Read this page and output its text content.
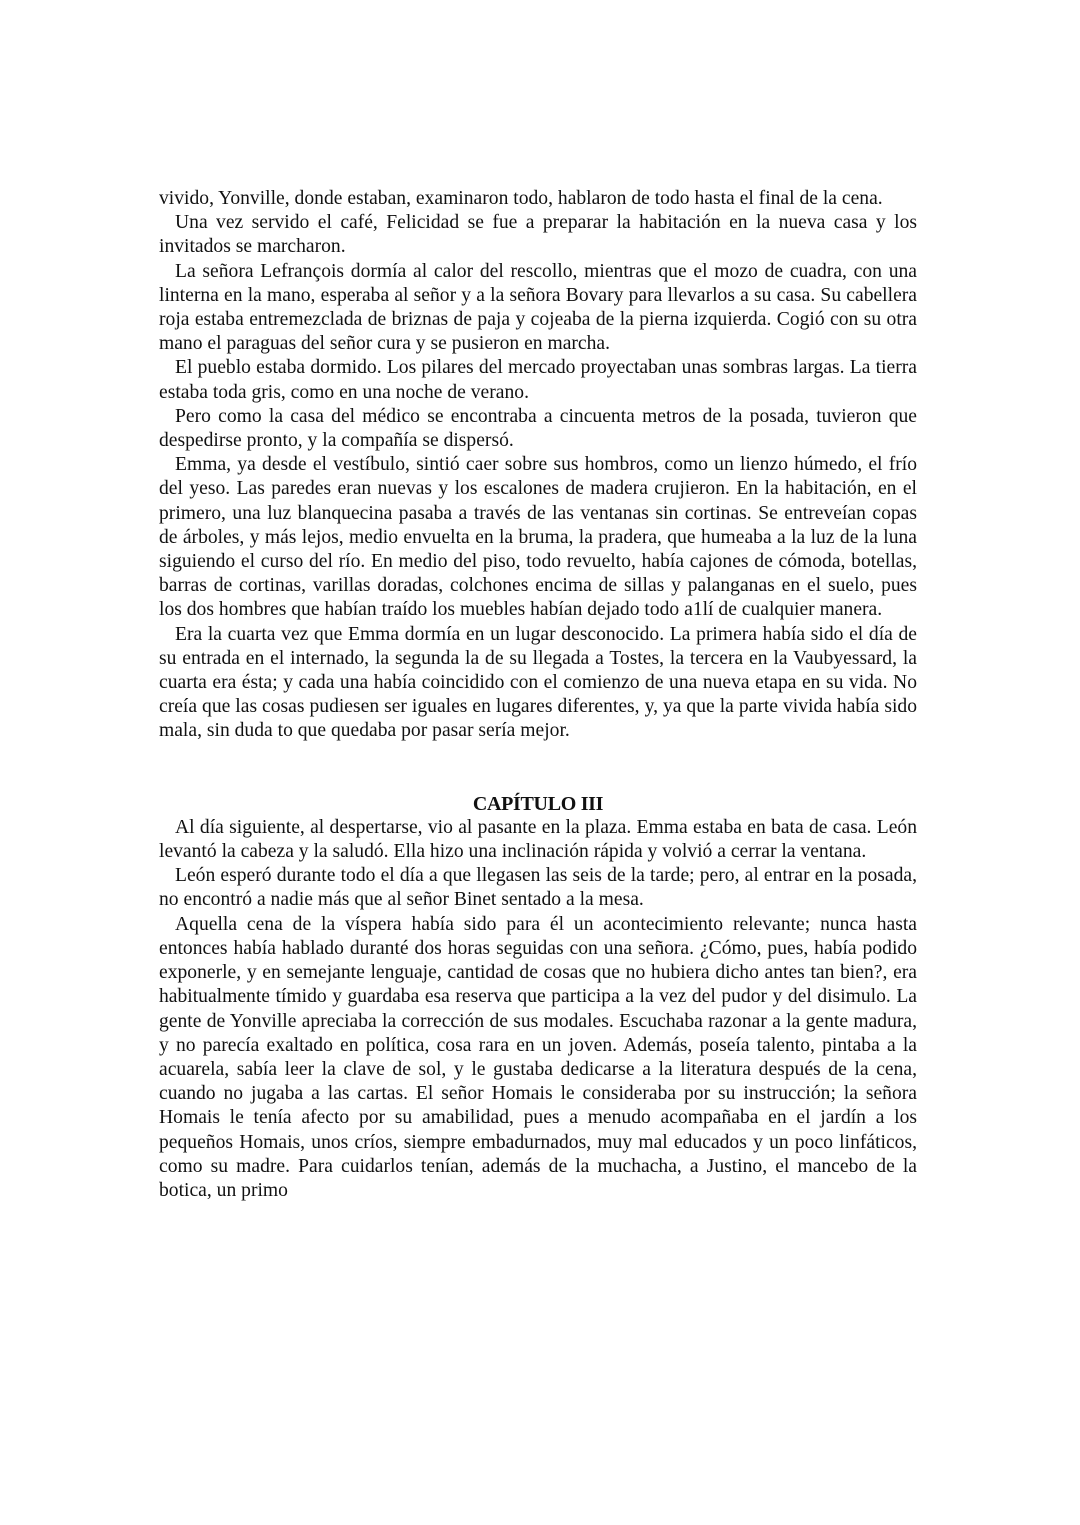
vivido, Yonville, donde estaban, examinaron todo, hablaron de todo hasta el final de la cena.

Una vez servido el café, Felicidad se fue a preparar la habitación en la nueva casa y los invitados se marcharon.

La señora Lefrançois dormía al calor del rescollo, mientras que el mozo de cuadra, con una linterna en la mano, esperaba al señor y a la señora Bovary para llevarlos a su casa. Su cabellera roja estaba entremezclada de briznas de paja y cojeaba de la pierna izquierda. Cogió con su otra mano el paraguas del señor cura y se pusieron en marcha.

El pueblo estaba dormido. Los pilares del mercado proyectaban unas sombras largas. La tierra estaba toda gris, como en una noche de verano.

Pero como la casa del médico se encontraba a cincuenta metros de la posada, tuvieron que despedirse pronto, y la compañía se dispersó.

Emma, ya desde el vestíbulo, sintió caer sobre sus hombros, como un lienzo húmedo, el frío del yeso. Las paredes eran nuevas y los escalones de madera crujieron. En la habitación, en el primero, una luz blanquecina pasaba a través de las ventanas sin cortinas. Se entreveían copas de árboles, y más lejos, medio envuelta en la bruma, la pradera, que humeaba a la luz de la luna siguiendo el curso del río. En medio del piso, todo revuelto, había cajones de cómoda, botellas, barras de cortinas, varillas doradas, colchones encima de sillas y palanganas en el suelo, pues los dos hombres que habían traído los muebles habían dejado todo a1lí de cualquier manera.

Era la cuarta vez que Emma dormía en un lugar desconocido. La primera había sido el día de su entrada en el internado, la segunda la de su llegada a Tostes, la tercera en la Vaubyessard, la cuarta era ésta; y cada una había coincidido con el comienzo de una nueva etapa en su vida. No creía que las cosas pudiesen ser iguales en lugares diferentes, y, ya que la parte vivida había sido mala, sin duda to que quedaba por pasar sería mejor.

CAPÍTULO III

Al día siguiente, al despertarse, vio al pasante en la plaza. Emma estaba en bata de casa. León levantó la cabeza y la saludó. Ella hizo una inclinación rápida y volvió a cerrar la ventana.

León esperó durante todo el día a que llegasen las seis de la tarde; pero, al entrar en la posada, no encontró a nadie más que al señor Binet sentado a la mesa.

Aquella cena de la víspera había sido para él un acontecimiento relevante; nunca hasta entonces había hablado duranté dos horas seguidas con una señora. ¿Cómo, pues, había podido exponerle, y en semejante lenguaje, cantidad de cosas que no hubiera dicho antes tan bien?, era habitualmente tímido y guardaba esa reserva que participa a la vez del pudor y del disimulo. La gente de Yonville apreciaba la corrección de sus modales. Escuchaba razonar a la gente madura, y no parecía exaltado en política, cosa rara en un joven. Además, poseía talento, pintaba a la acuarela, sabía leer la clave de sol, y le gustaba dedicarse a la literatura después de la cena, cuando no jugaba a las cartas. El señor Homais le consideraba por su instrucción; la señora Homais le tenía afecto por su amabilidad, pues a menudo acompañaba en el jardín a los pequeños Homais, unos críos, siempre embadurnados, muy mal educados y un poco linfáticos, como su madre. Para cuidarlos tenían, además de la muchacha, a Justino, el mancebo de la botica, un primo
